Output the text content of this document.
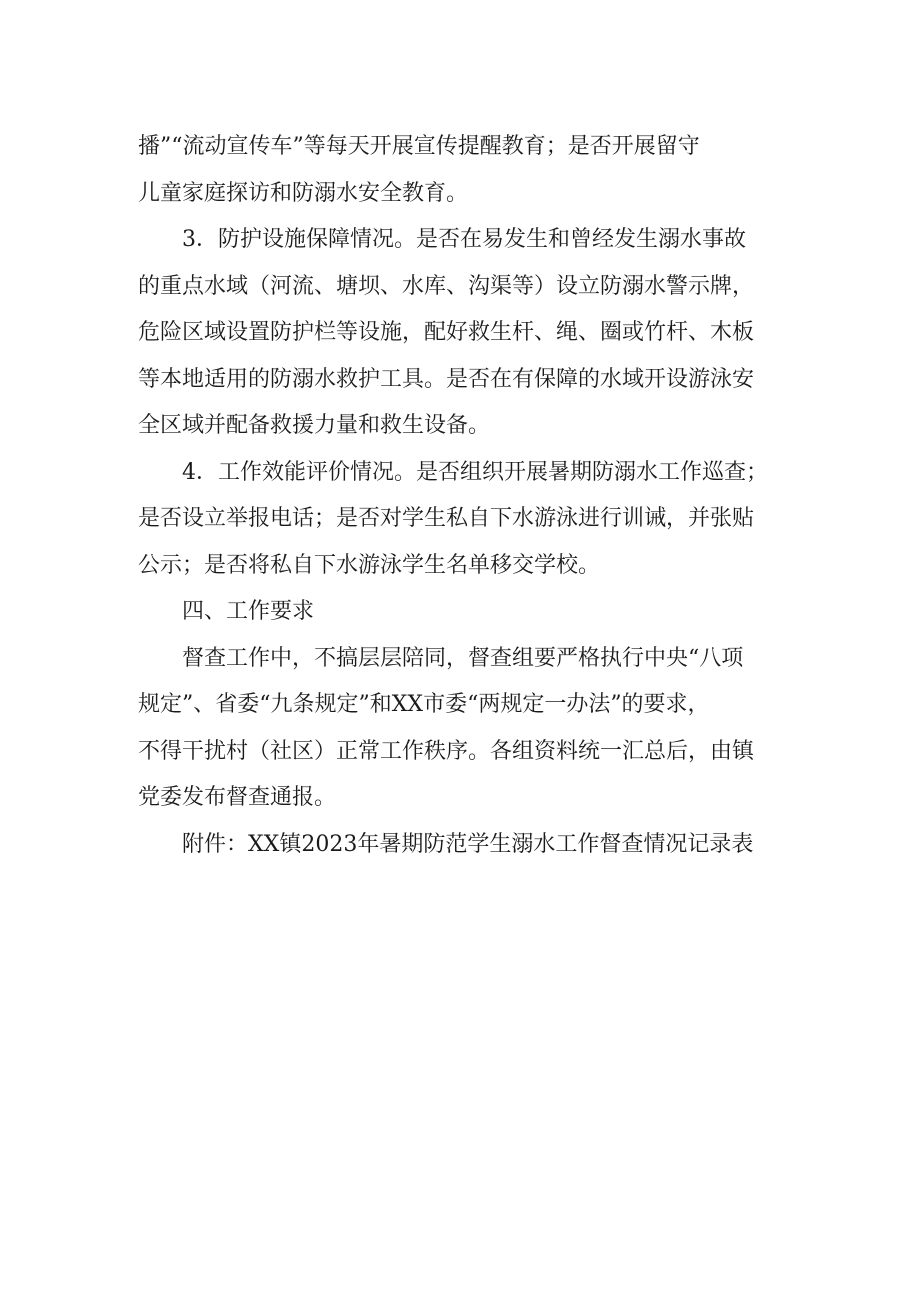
播”“流动宣传车”等每天开展宣传提醒教育；是否开展留守
儿童家庭探访和防溺水安全教育。

3．防护设施保障情况。是否在易发生和曾经发生溺水事故
的重点水域（河流、塘坝、水库、沟渠等）设立防溺水警示牌，
危险区域设置防护栏等设施，配好救生杆、绳、圈或竹杆、木板
等本地适用的防溺水救护工具。是否在有保障的水域开设游泳安
全区域并配备救援力量和救生设备。

4．工作效能评价情况。是否组织开展暑期防溺水工作巡查；
是否设立举报电话；是否对学生私自下水游泳进行训诫，并张贴
公示；是否将私自下水游泳学生名单移交学校。

四、工作要求

督查工作中，不搞层层陪同，督查组要严格执行中央“八项
规定”、省委“九条规定”和XX市委“两规定一办法”的要求，
不得干扰村（社区）正常工作秩序。各组资料统一汇总后，由镇
党委发布督查通报。

附件：XX镇2023年暑期防范学生溺水工作督查情况记录表
